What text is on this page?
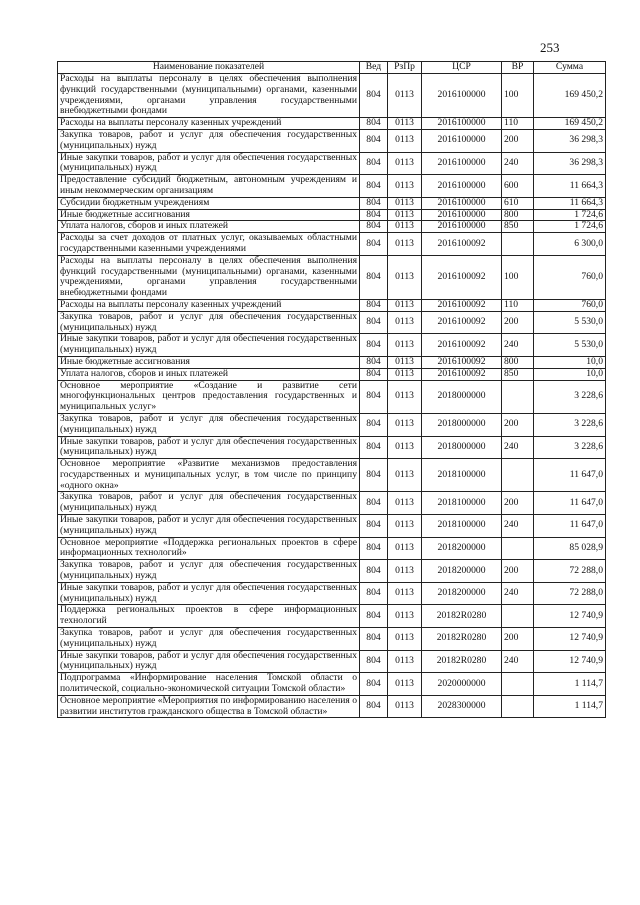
253
Наименование показателей	Вед	РзПр	ЦСР	ВР	Сумма
Расходы на выплаты персоналу в целях обеспечения выполнения функций государственными (муниципальными) органами, казенными учреждениями, органами управления государственными внебюджетными фондами	804	0113	2016100000	100	169 450,2
Расходы на выплаты персоналу казенных учреждений	804	0113	2016100000	110	169 450,2
Закупка товаров, работ и услуг для обеспечения государственных (муниципальных) нужд	804	0113	2016100000	200	36 298,3
Иные закупки товаров, работ и услуг для обеспечения государственных (муниципальных) нужд	804	0113	2016100000	240	36 298,3
Предоставление субсидий бюджетным, автономным учреждениям и иным некоммерческим организациям	804	0113	2016100000	600	11 664,3
Субсидии бюджетным учреждениям	804	0113	2016100000	610	11 664,3
Иные бюджетные ассигнования	804	0113	2016100000	800	1 724,6
Уплата налогов, сборов и иных платежей	804	0113	2016100000	850	1 724,6
Расходы за счет доходов от платных услуг, оказываемых областными государственными казенными учреждениями	804	0113	2016100092		6 300,0
Расходы на выплаты персоналу в целях обеспечения выполнения функций государственными (муниципальными) органами, казенными учреждениями, органами управления государственными внебюджетными фондами	804	0113	2016100092	100	760,0
Расходы на выплаты персоналу казенных учреждений	804	0113	2016100092	110	760,0
Закупка товаров, работ и услуг для обеспечения государственных (муниципальных) нужд	804	0113	2016100092	200	5 530,0
Иные закупки товаров, работ и услуг для обеспечения государственных (муниципальных) нужд	804	0113	2016100092	240	5 530,0
Иные бюджетные ассигнования	804	0113	2016100092	800	10,0
Уплата налогов, сборов и иных платежей	804	0113	2016100092	850	10,0
Основное мероприятие «Создание и развитие сети многофункциональных центров предоставления государственных и муниципальных услуг»	804	0113	2018000000		3 228,6
Закупка товаров, работ и услуг для обеспечения государственных (муниципальных) нужд	804	0113	2018000000	200	3 228,6
Иные закупки товаров, работ и услуг для обеспечения государственных (муниципальных) нужд	804	0113	2018000000	240	3 228,6
Основное мероприятие «Развитие механизмов предоставления государственных и муниципальных услуг, в том числе по принципу «одного окна»	804	0113	2018100000		11 647,0
Закупка товаров, работ и услуг для обеспечения государственных (муниципальных) нужд	804	0113	2018100000	200	11 647,0
Иные закупки товаров, работ и услуг для обеспечения государственных (муниципальных) нужд	804	0113	2018100000	240	11 647,0
Основное мероприятие «Поддержка региональных проектов в сфере информационных технологий»	804	0113	2018200000		85 028,9
Закупка товаров, работ и услуг для обеспечения государственных (муниципальных) нужд	804	0113	2018200000	200	72 288,0
Иные закупки товаров, работ и услуг для обеспечения государственных (муниципальных) нужд	804	0113	2018200000	240	72 288,0
Поддержка региональных проектов в сфере информационных технологий	804	0113	20182R0280		12 740,9
Закупка товаров, работ и услуг для обеспечения государственных (муниципальных) нужд	804	0113	20182R0280	200	12 740,9
Иные закупки товаров, работ и услуг для обеспечения государственных (муниципальных) нужд	804	0113	20182R0280	240	12 740,9
Подпрограмма «Информирование населения Томской области о политической, социально-экономической ситуации Томской области»	804	0113	2020000000		1 114,7
Основное мероприятие «Мероприятия по информированию населения о развитии институтов гражданского общества в Томской области»	804	0113	2028300000		1 114,7
